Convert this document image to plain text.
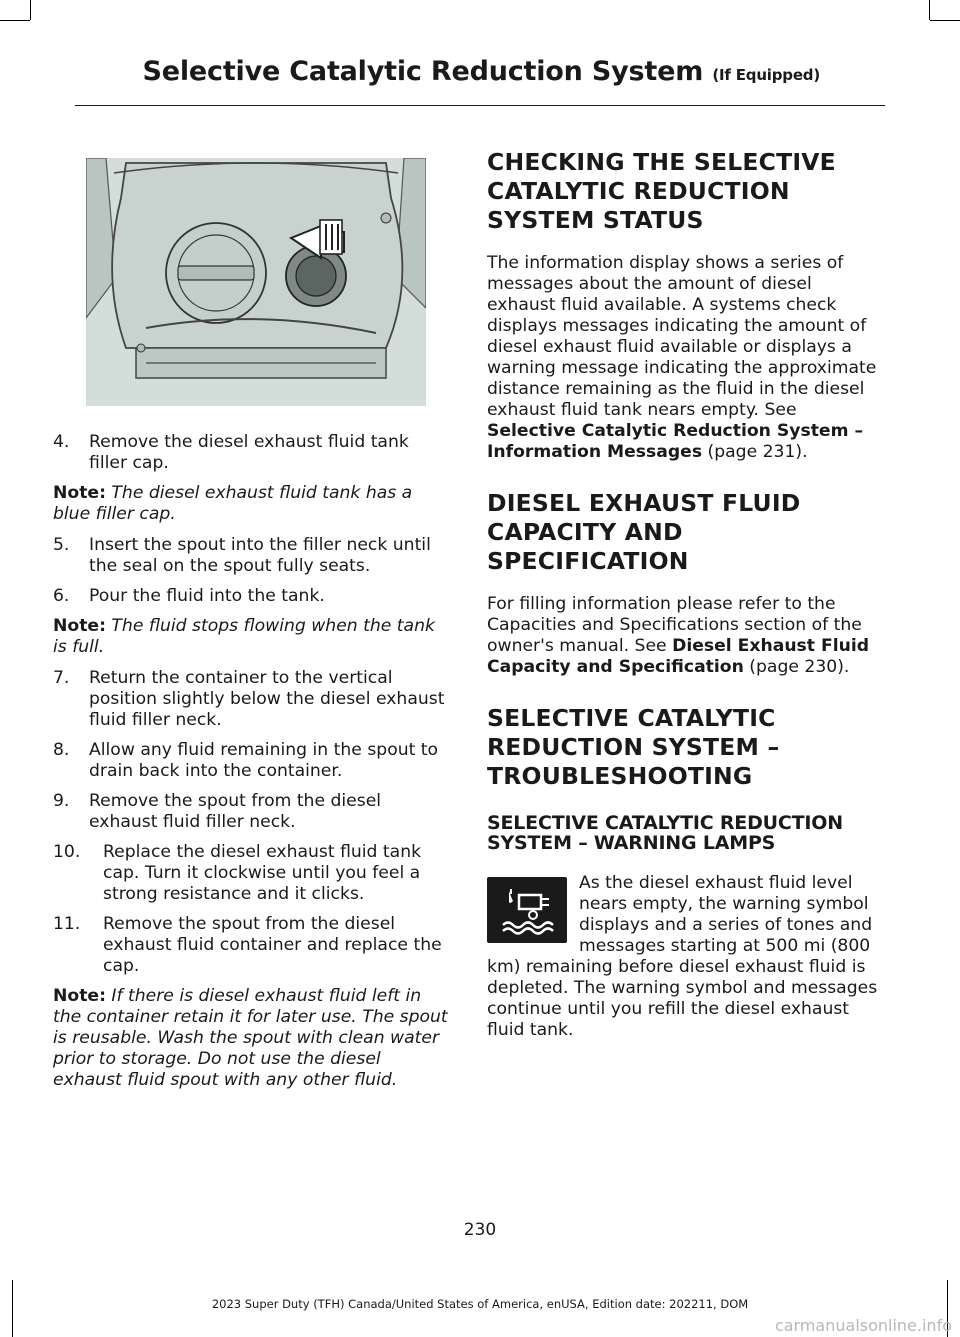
Selective Catalytic Reduction System (If Equipped)
4. Remove the diesel exhaust fluid tank filler cap.

Note: The diesel exhaust fluid tank has a blue filler cap.

5. Insert the spout into the filler neck until the seal on the spout fully seats.
6. Pour the fluid into the tank.

Note: The fluid stops flowing when the tank is full.

7. Return the container to the vertical position slightly below the diesel exhaust fluid filler neck.
8. Allow any fluid remaining in the spout to drain back into the container.
9. Remove the spout from the diesel exhaust fluid filler neck.
10. Replace the diesel exhaust fluid tank cap. Turn it clockwise until you feel a strong resistance and it clicks.
11. Remove the spout from the diesel exhaust fluid container and replace the cap.

Note: If there is diesel exhaust fluid left in the container retain it for later use. The spout is reusable. Wash the spout with clean water prior to storage. Do not use the diesel exhaust fluid spout with any other fluid.

CHECKING THE SELECTIVE
CATALYTIC REDUCTION
SYSTEM STATUS

The information display shows a series of messages about the amount of diesel exhaust fluid available. A systems check displays messages indicating the amount of diesel exhaust fluid available or displays a warning message indicating the approximate distance remaining as the fluid in the diesel exhaust fluid tank nears empty. See Selective Catalytic Reduction System – Information Messages (page 231).

DIESEL EXHAUST FLUID
CAPACITY AND
SPECIFICATION

For filling information please refer to the Capacities and Specifications section of the owner's manual. See Diesel Exhaust Fluid Capacity and Specification (page 230).

SELECTIVE CATALYTIC
REDUCTION SYSTEM –
TROUBLESHOOTING
SELECTIVE CATALYTIC REDUCTION SYSTEM – WARNING LAMPS

As the diesel exhaust fluid level nears empty, the warning symbol displays and a series of tones and messages starting at 500 mi (800 km) remaining before diesel exhaust fluid is depleted. The warning symbol and messages continue until you refill the diesel exhaust fluid tank.

230
2023 Super Duty (TFH) Canada/United States of America, enUSA, Edition date: 202211, DOM
carmanualsonline.info
